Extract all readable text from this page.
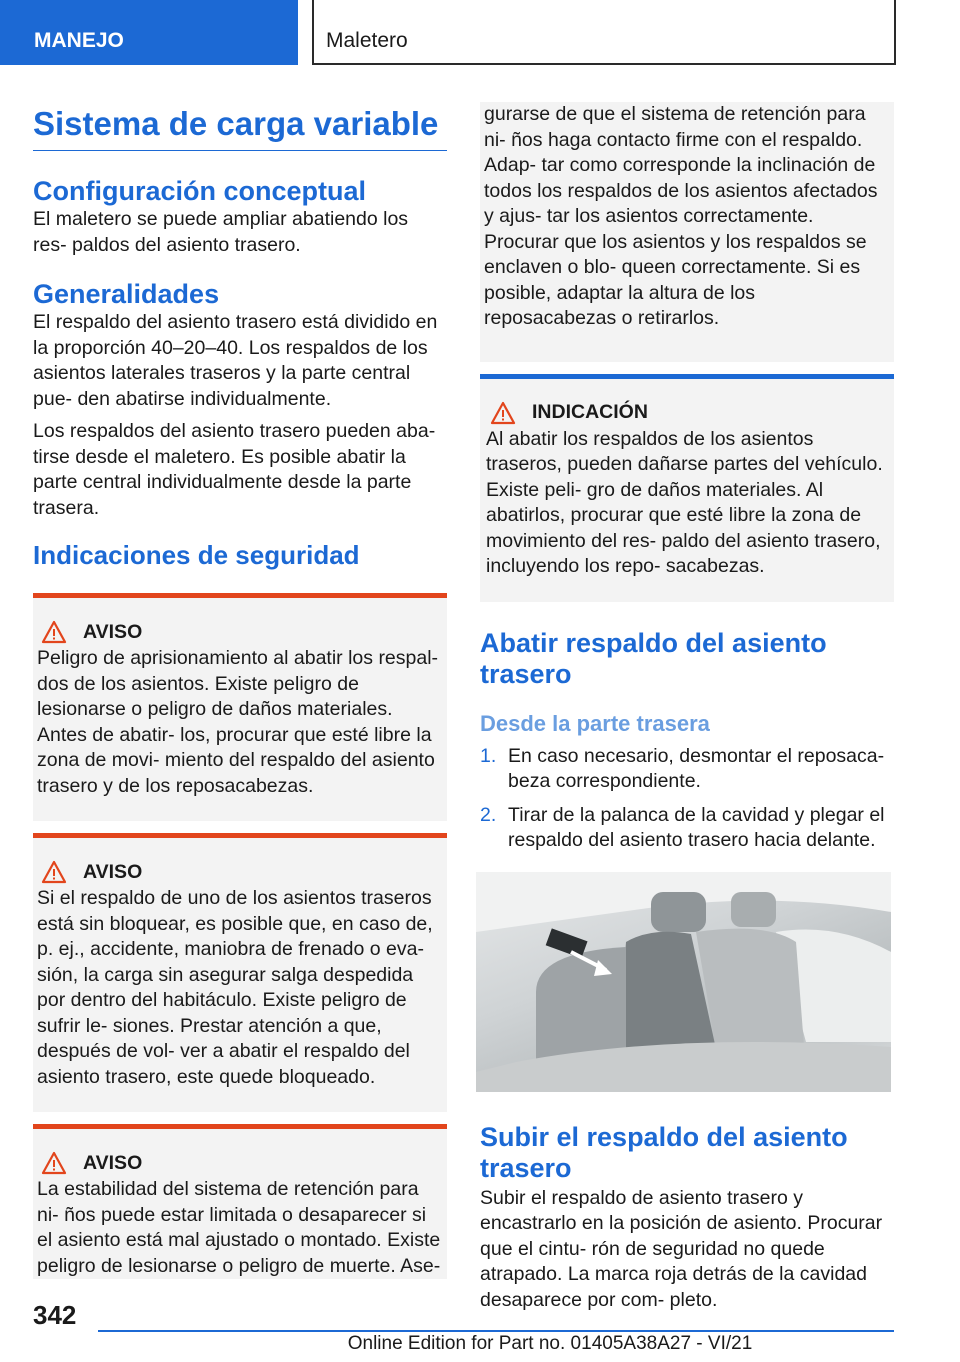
MANEJO	Maletero
Sistema de carga variable
Configuración conceptual

El maletero se puede ampliar abatiendo los res- paldos del asiento trasero.

Generalidades

El respaldo del asiento trasero está dividido en la proporción 40–20–40. Los respaldos de los asientos laterales traseros y la parte central pue- den abatirse individualmente.

Los respaldos del asiento trasero pueden aba- tirse desde el maletero. Es posible abatir la parte central individualmente desde la parte trasera.

Indicaciones de seguridad
AVISO

Peligro de aprisionamiento al abatir los respal- dos de los asientos. Existe peligro de lesionarse o peligro de daños materiales. Antes de abatir- los, procurar que esté libre la zona de movi- miento del respaldo del asiento trasero y de los reposacabezas.

AVISO

Si el respaldo de uno de los asientos traseros está sin bloquear, es posible que, en caso de, p. ej., accidente, maniobra de frenado o eva- sión, la carga sin asegurar salga despedida por dentro del habitáculo. Existe peligro de sufrir le- siones. Prestar atención a que, después de vol- ver a abatir el respaldo del asiento trasero, este quede bloqueado.

AVISO

La estabilidad del sistema de retención para ni- ños puede estar limitada o desaparecer si el asiento está mal ajustado o montado. Existe peligro de lesionarse o peligro de muerte. Ase-

gurarse de que el sistema de retención para ni- ños haga contacto firme con el respaldo. Adap- tar como corresponde la inclinación de todos los respaldos de los asientos afectados y ajus- tar los asientos correctamente. Procurar que los asientos y los respaldos se enclaven o blo- queen correctamente. Si es posible, adaptar la altura de los reposacabezas o retirarlos.

INDICACIÓN

Al abatir los respaldos de los asientos traseros, pueden dañarse partes del vehículo. Existe peli- gro de daños materiales. Al abatirlos, procurar que esté libre la zona de movimiento del res- paldo del asiento trasero, incluyendo los repo- sacabezas.

Abatir respaldo del asiento trasero
Desde la parte trasera
1. En caso necesario, desmontar el reposaca- beza correspondiente.
2. Tirar de la palanca de la cavidad y plegar el respaldo del asiento trasero hacia delante.
Subir el respaldo del asiento trasero

Subir el respaldo de asiento trasero y encastrarlo en la posición de asiento. Procurar que el cintu- rón de seguridad no quede atrapado. La marca roja detrás de la cavidad desaparece por com- pleto.

342
Online Edition for Part no. 01405A38A27 - VI/21
